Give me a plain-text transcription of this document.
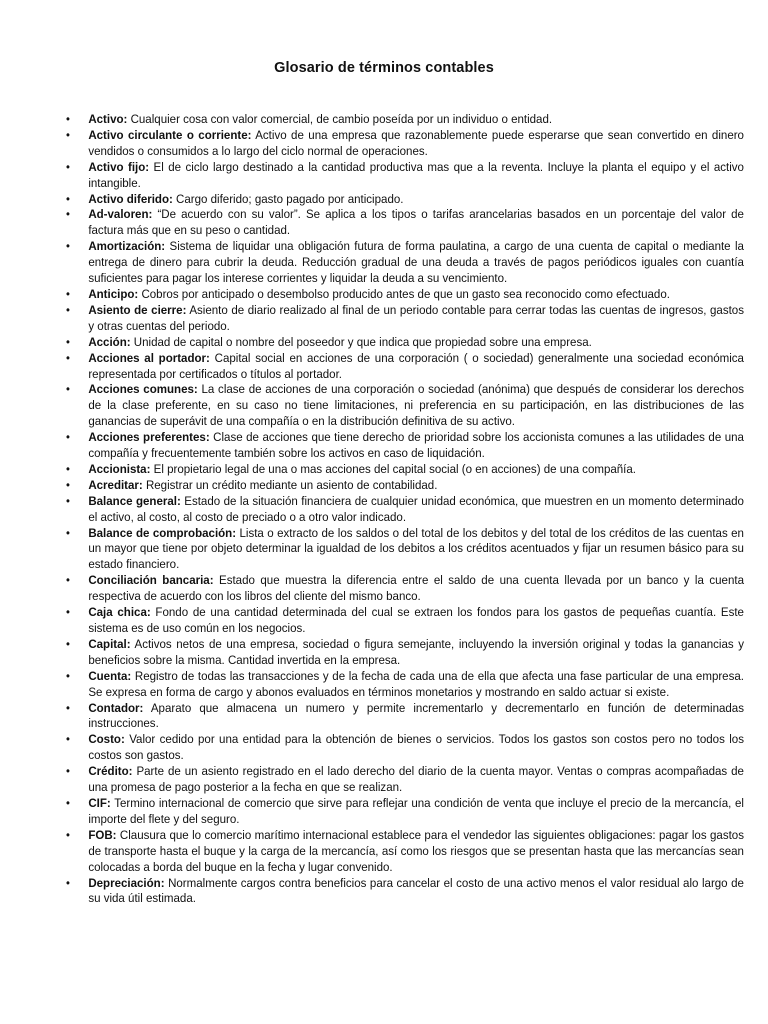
Glosario de términos contables
• Activo: Cualquier cosa con valor comercial, de cambio poseída por un individuo o entidad.
• Activo circulante o corriente: Activo de una empresa que razonablemente puede esperarse que sean convertido en dinero vendidos o consumidos a lo largo del ciclo normal de operaciones.
• Activo fijo: El de ciclo largo destinado a la cantidad productiva mas que a la reventa. Incluye la planta el equipo y el activo intangible.
• Activo diferido: Cargo diferido; gasto pagado por anticipado.
• Ad-valoren: “De acuerdo con su valor”. Se aplica a los tipos o tarifas arancelarias basados en un porcentaje del valor de factura más que en su peso o cantidad.
• Amortización: Sistema de liquidar una obligación futura de forma paulatina, a cargo de una cuenta de capital o mediante la entrega de dinero para cubrir la deuda. Reducción gradual de una deuda a través de pagos periódicos iguales con cuantía suficientes para pagar los interese corrientes y liquidar la deuda a su vencimiento.
• Anticipo: Cobros por anticipado o desembolso producido antes de que un gasto sea reconocido como efectuado.
• Asiento de cierre: Asiento de diario realizado al final de un periodo contable para cerrar todas las cuentas de ingresos, gastos y otras cuentas del periodo.
• Acción: Unidad de capital o nombre del poseedor y que indica que propiedad sobre una empresa.
• Acciones al portador: Capital social en acciones de una corporación ( o sociedad) generalmente una sociedad económica representada por certificados o títulos al portador.
• Acciones comunes: La clase de acciones de una corporación o sociedad (anónima) que después de considerar los derechos de la clase preferente, en su caso no tiene limitaciones, ni preferencia en su participación, en las distribuciones de las ganancias de superávit de una compañía o en la distribución definitiva de su activo.
• Acciones preferentes: Clase de acciones que tiene derecho de prioridad sobre los accionista comunes a las utilidades de una compañía y frecuentemente también sobre los activos en caso de liquidación.
• Accionista: El propietario legal de una o mas acciones del capital social (o en acciones) de una compañía.
• Acreditar: Registrar un crédito mediante un asiento de contabilidad.
• Balance general: Estado de la situación financiera de cualquier unidad económica, que muestren en un momento determinado el activo, al costo, al costo de preciado o a otro valor indicado.
• Balance de comprobación: Lista o extracto de los saldos o del total de los debitos y del total de los créditos de las cuentas en un mayor que tiene por objeto determinar la igualdad de los debitos a los créditos acentuados y fijar un resumen básico para su estado financiero.
• Conciliación bancaria: Estado que muestra la diferencia entre el saldo de una cuenta llevada por un banco y la cuenta respectiva de acuerdo con los libros del cliente del mismo banco.
• Caja chica: Fondo de una cantidad determinada del cual se extraen los fondos para los gastos de pequeñas cuantía. Este sistema es de uso común en los negocios.
• Capital: Activos netos de una empresa, sociedad o figura semejante, incluyendo la inversión original y todas la ganancias y beneficios sobre la misma. Cantidad invertida en la empresa.
• Cuenta: Registro de todas las transacciones y de la fecha de cada una de ella que afecta una fase particular de una empresa. Se expresa en forma de cargo y abonos evaluados en términos monetarios y mostrando en saldo actuar si existe.
• Contador: Aparato que almacena un numero y permite incrementarlo y decrementarlo en función de determinadas instrucciones.
• Costo: Valor cedido por una entidad para la obtención de bienes o servicios. Todos los gastos son costos pero no todos los costos son gastos.
• Crédito: Parte de un asiento registrado en el lado derecho del diario de la cuenta mayor. Ventas o compras acompañadas de una promesa de pago posterior a la fecha en que se realizan.
• CIF: Termino internacional de comercio que sirve para reflejar una condición de venta que incluye el precio de la mercancía, el importe del flete y del seguro.
• FOB: Clausura que lo comercio marítimo internacional establece para el vendedor las siguientes obligaciones: pagar los gastos de transporte hasta el buque y la carga de la mercancía, así como los riesgos que se presentan hasta que las mercancías sean colocadas a borda del buque en la fecha y lugar convenido.
• Depreciación: Normalmente cargos contra beneficios para cancelar el costo de una activo menos el valor residual alo largo de su vida útil estimada.
